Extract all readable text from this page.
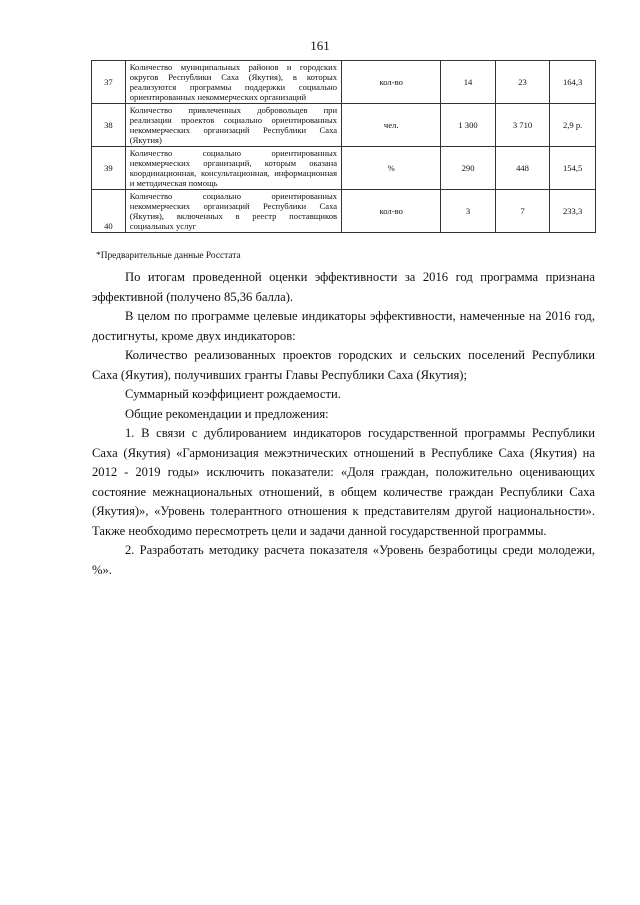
161
37	Количество муниципальных районов и городских округов Республики Саха (Якутия), в которых реализуются программы поддержки социально ориентированных некоммерческих организаций	кол-во	14	23	164,3
38	Количество привлеченных добровольцев при реализации проектов социально ориентированных некоммерческих организаций Республики Саха (Якутия)	чел.	1 300	3 710	2,9 р.
39	Количество социально ориентированных некоммерческих организаций, которым оказана координационная, консультационная, информационная и методическая помощь	%	290	448	154,5
40	Количество социально ориентированных некоммерческих организаций Республики Саха (Якутия), включенных в реестр поставщиков социальных услуг	кол-во	3	7	233,3
*Предварительные данные Росстата

По итогам проведенной оценки эффективности за 2016 год программа признана эффективной (получено 85,36 балла).

В целом по программе целевые индикаторы эффективности, намеченные на 2016 год, достигнуты, кроме двух индикаторов:

Количество реализованных проектов городских и сельских поселений Республики Саха (Якутия), получивших гранты Главы Республики Саха (Якутия);

Суммарный коэффициент рождаемости.

Общие рекомендации и предложения:

1. В связи с дублированием индикаторов государственной программы Республики Саха (Якутия) «Гармонизация межэтнических отношений в Республике Саха (Якутия) на 2012 - 2019 годы» исключить показатели: «Доля граждан, положительно оценивающих состояние межнациональных отношений, в общем количестве граждан Республики Саха (Якутия)», «Уровень толерантного отношения к представителям другой национальности». Также необходимо пересмотреть цели и задачи данной государственной программы.

2. Разработать методику расчета показателя «Уровень безработицы среди молодежи, %».
